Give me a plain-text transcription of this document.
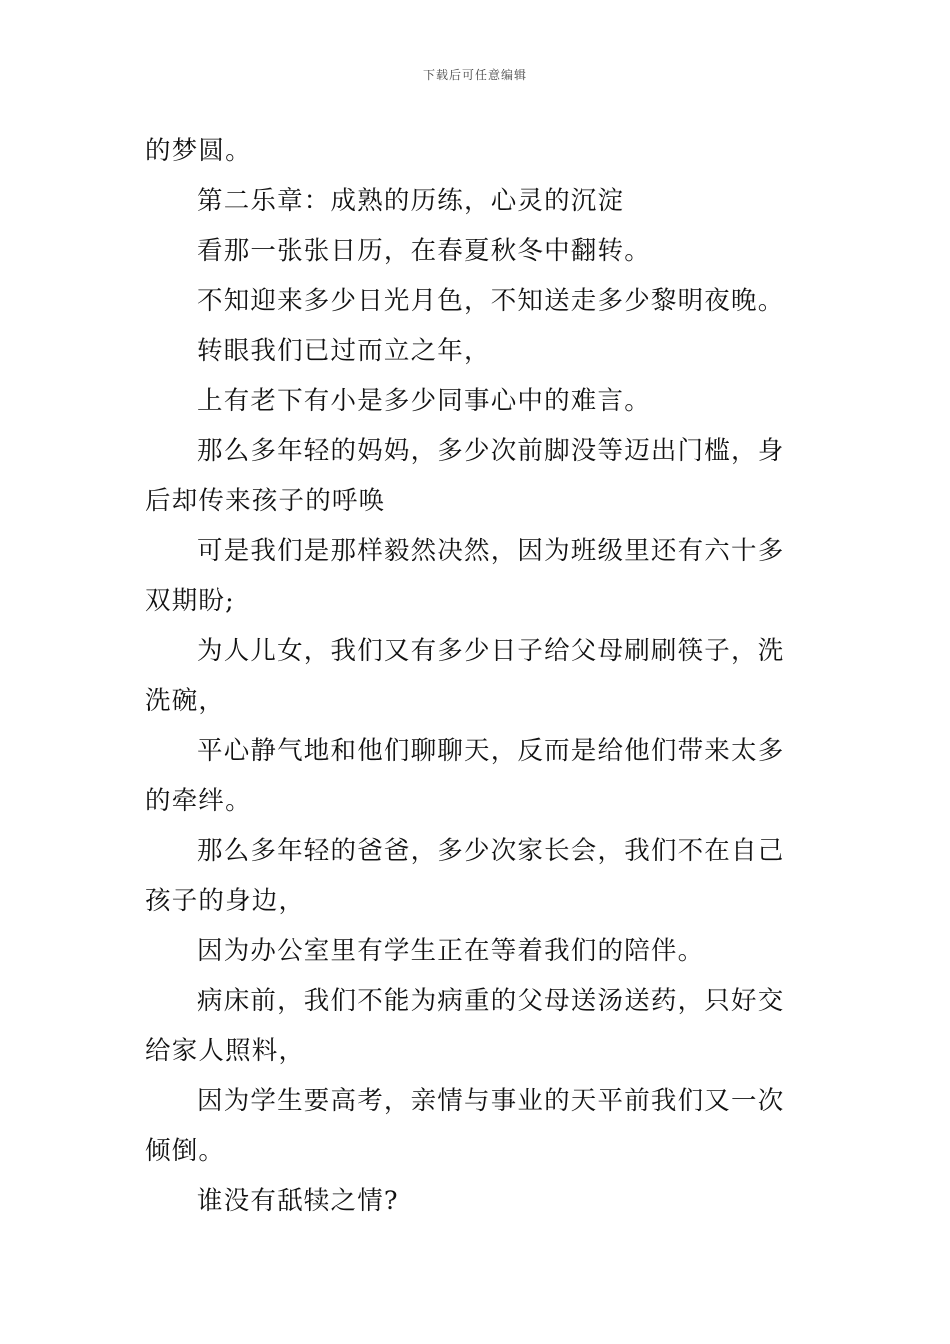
下载后可任意编辑

的梦圆。

第二乐章：成熟的历练，心灵的沉淀

看那一张张日历，在春夏秋冬中翻转。

不知迎来多少日光月色，不知送走多少黎明夜晚。

转眼我们已过而立之年，

上有老下有小是多少同事心中的难言。

那么多年轻的妈妈，多少次前脚没等迈出门槛，身后却传来孩子的呼唤

可是我们是那样毅然决然，因为班级里还有六十多双期盼;

为人儿女，我们又有多少日子给父母刷刷筷子，洗洗碗，

平心静气地和他们聊聊天，反而是给他们带来太多的牵绊。

那么多年轻的爸爸，多少次家长会，我们不在自己孩子的身边，

因为办公室里有学生正在等着我们的陪伴。

病床前，我们不能为病重的父母送汤送药，只好交给家人照料，

因为学生要高考，亲情与事业的天平前我们又一次倾倒。

谁没有舐犊之情?
